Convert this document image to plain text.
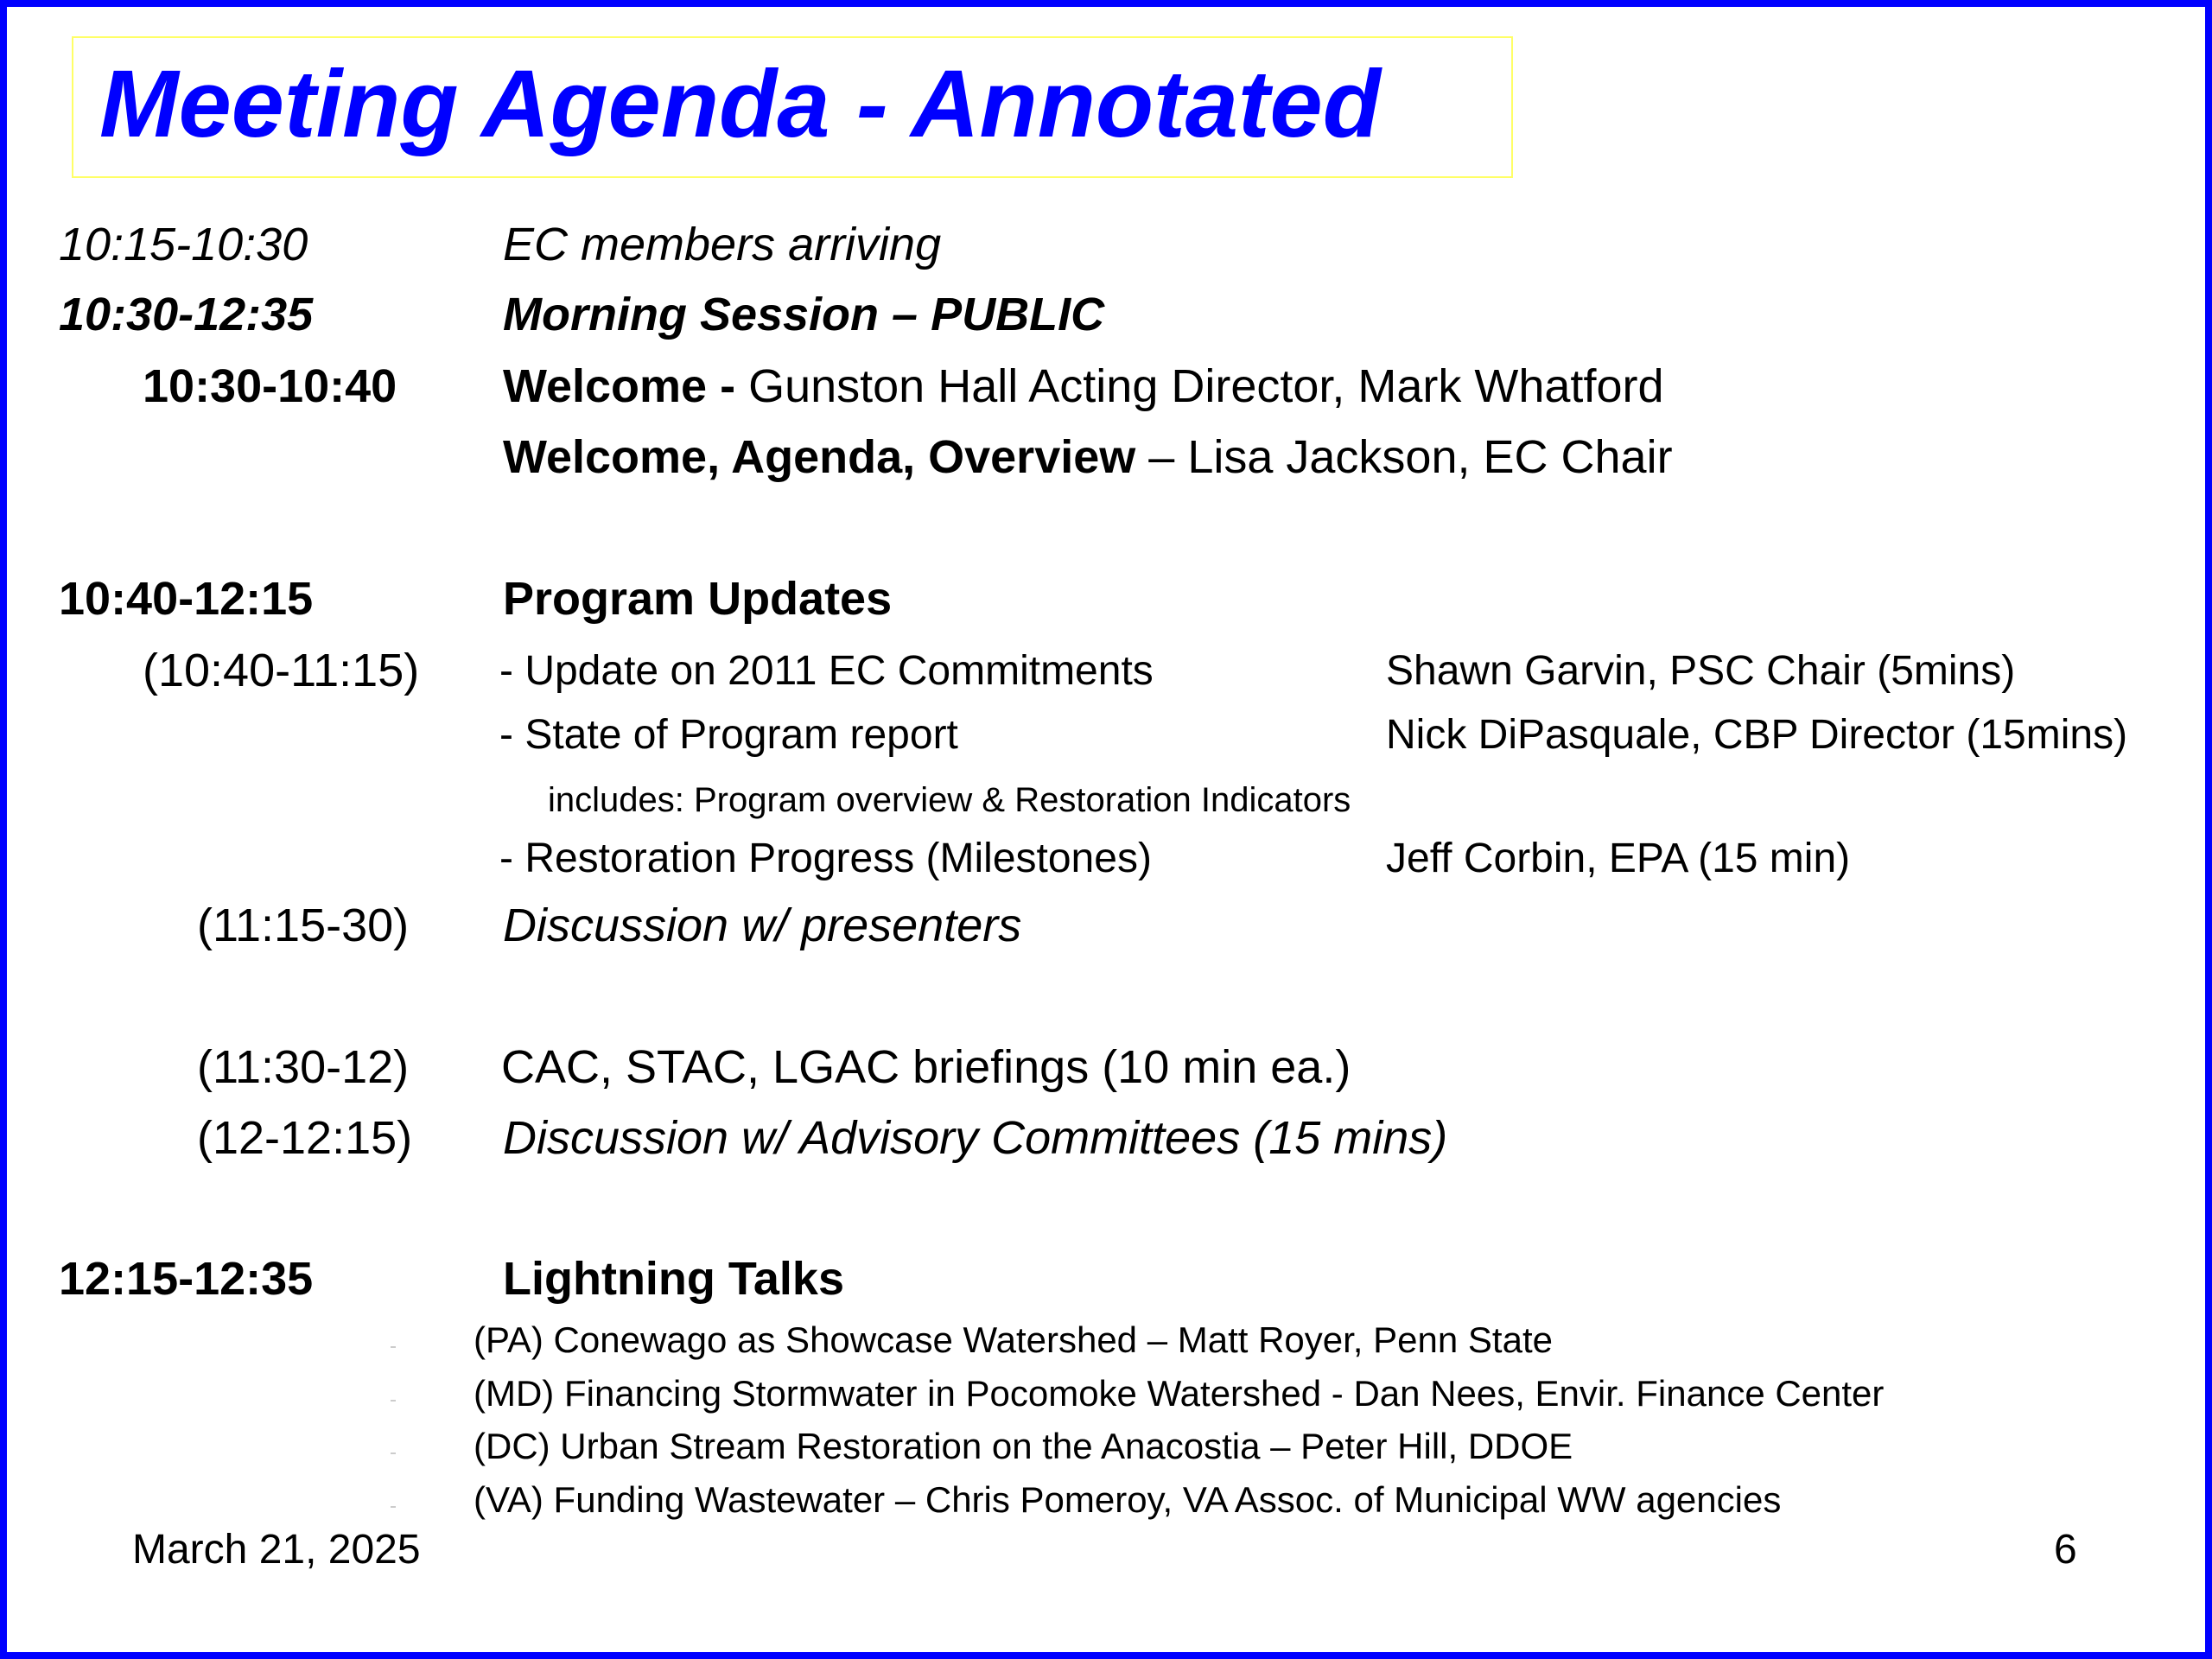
Meeting Agenda - Annotated
10:15-10:30	EC members arriving
10:30-12:35	Morning Session – PUBLIC
10:30-10:40 Welcome - Gunston Hall Acting Director, Mark Whatford
Welcome, Agenda, Overview – Lisa Jackson, EC Chair
10:40-12:15	Program Updates
(10:40-11:15) - Update on 2011 EC Commitments	Shawn Garvin, PSC Chair (5mins)
- State of Program report	Nick DiPasquale, CBP Director (15mins)
includes: Program overview & Restoration Indicators
- Restoration Progress (Milestones)	Jeff Corbin, EPA (15 min)
(11:15-30) Discussion w/ presenters
(11:30-12) CAC, STAC, LGAC briefings (10 min ea.)
(12-12:15) Discussion w/ Advisory Committees (15 mins)
12:15-12:35	Lightning Talks
(PA) Conewago as Showcase Watershed – Matt Royer, Penn State
(MD) Financing Stormwater in Pocomoke Watershed - Dan Nees, Envir. Finance Center
(DC) Urban Stream Restoration on the Anacostia – Peter Hill, DDOE
(VA) Funding Wastewater – Chris Pomeroy, VA Assoc. of Municipal WW agencies
March 21, 2025	6
